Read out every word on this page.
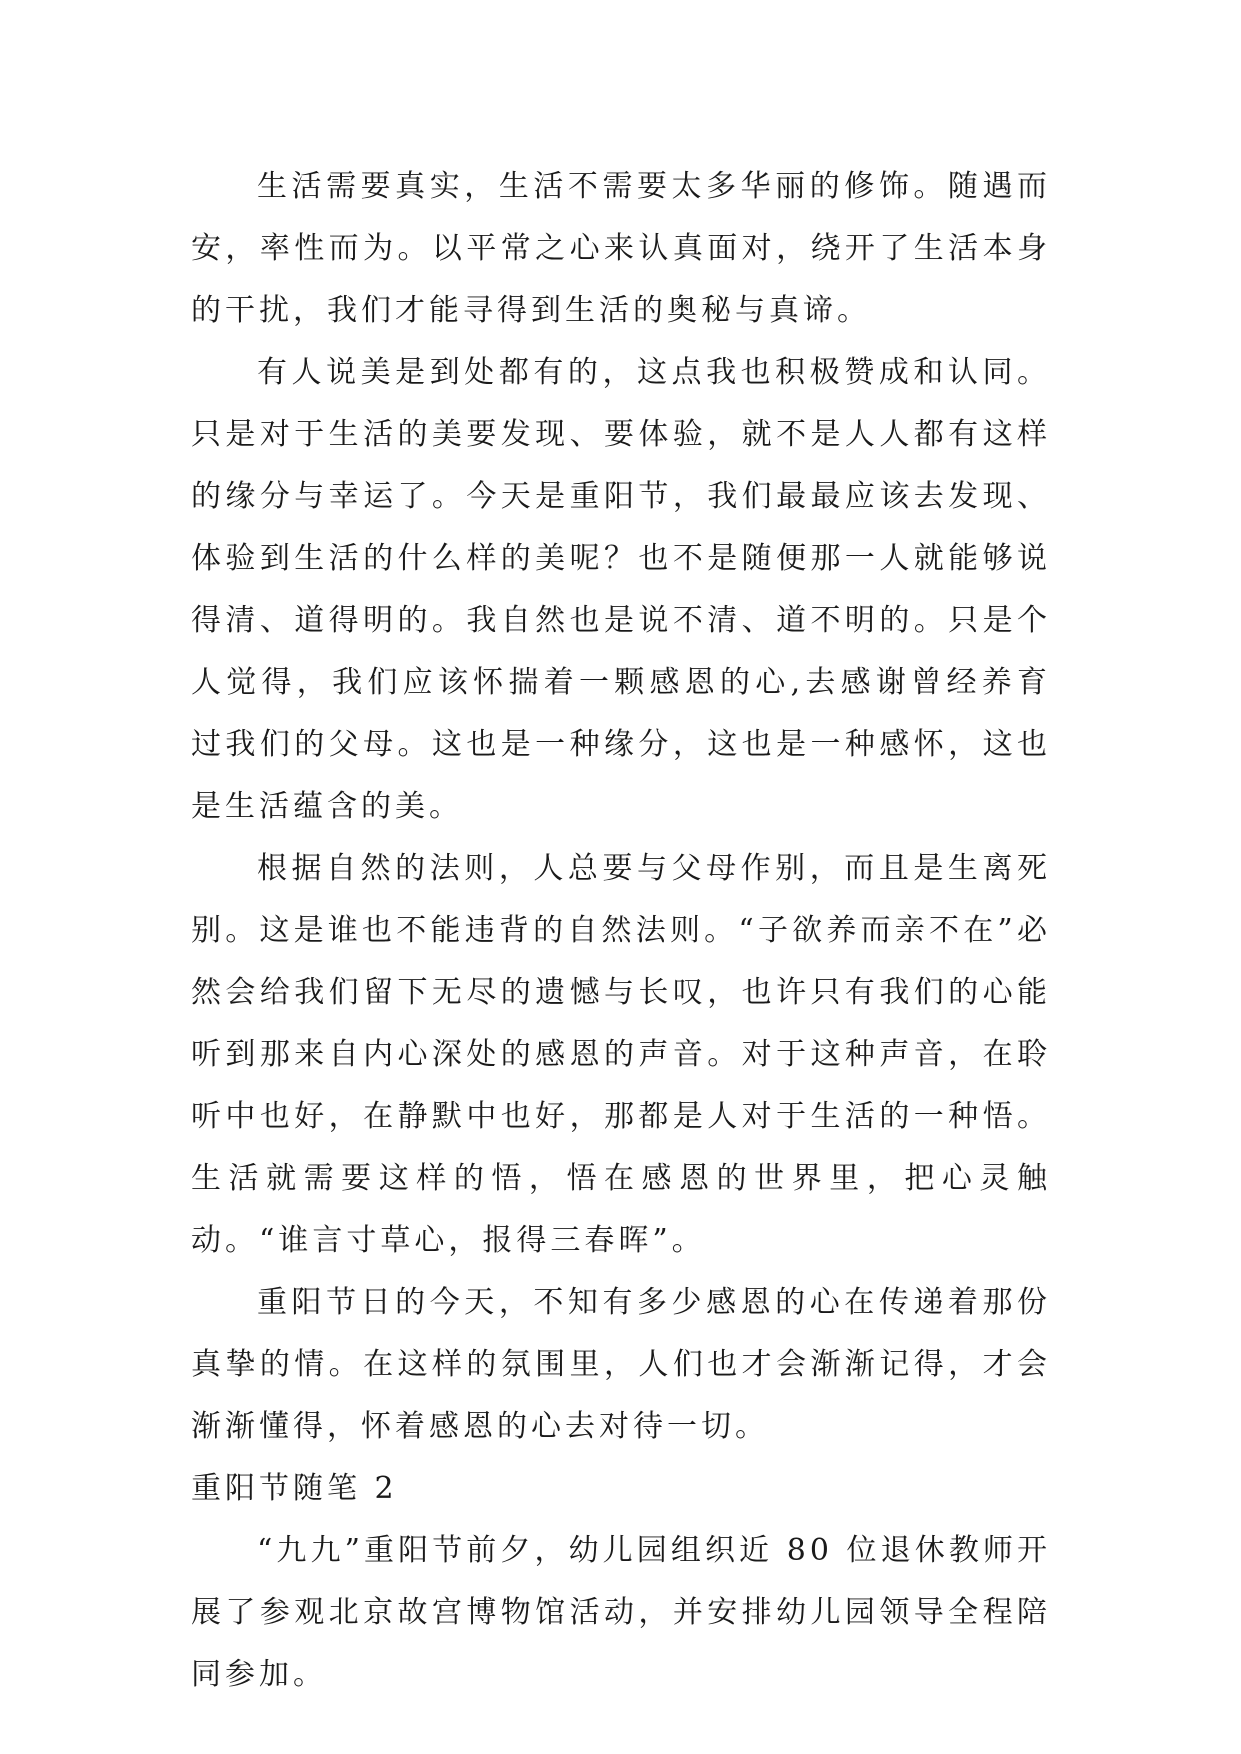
生活需要真实，生活不需要太多华丽的修饰。随遇而安，率性而为。以平常之心来认真面对，绕开了生活本身的干扰，我们才能寻得到生活的奥秘与真谛。

有人说美是到处都有的，这点我也积极赞成和认同。只是对于生活的美要发现、要体验，就不是人人都有这样的缘分与幸运了。今天是重阳节，我们最最应该去发现、体验到生活的什么样的美呢？也不是随便那一人就能够说得清、道得明的。我自然也是说不清、道不明的。只是个人觉得，我们应该怀揣着一颗感恩的心,去感谢曾经养育过我们的父母。这也是一种缘分，这也是一种感怀，这也是生活蕴含的美。

根据自然的法则，人总要与父母作别，而且是生离死别。这是谁也不能违背的自然法则。“子欲养而亲不在”必然会给我们留下无尽的遗憾与长叹，也许只有我们的心能听到那来自内心深处的感恩的声音。对于这种声音，在聆听中也好，在静默中也好，那都是人对于生活的一种悟。生活就需要这样的悟，悟在感恩的世界里，把心灵触动。“谁言寸草心，报得三春晖”。

重阳节日的今天，不知有多少感恩的心在传递着那份真挚的情。在这样的氛围里，人们也才会渐渐记得，才会渐渐懂得，怀着感恩的心去对待一切。

重阳节随笔 2

“九九”重阳节前夕，幼儿园组织近 80 位退休教师开展了参观北京故宫博物馆活动，并安排幼儿园领导全程陪同参加。
